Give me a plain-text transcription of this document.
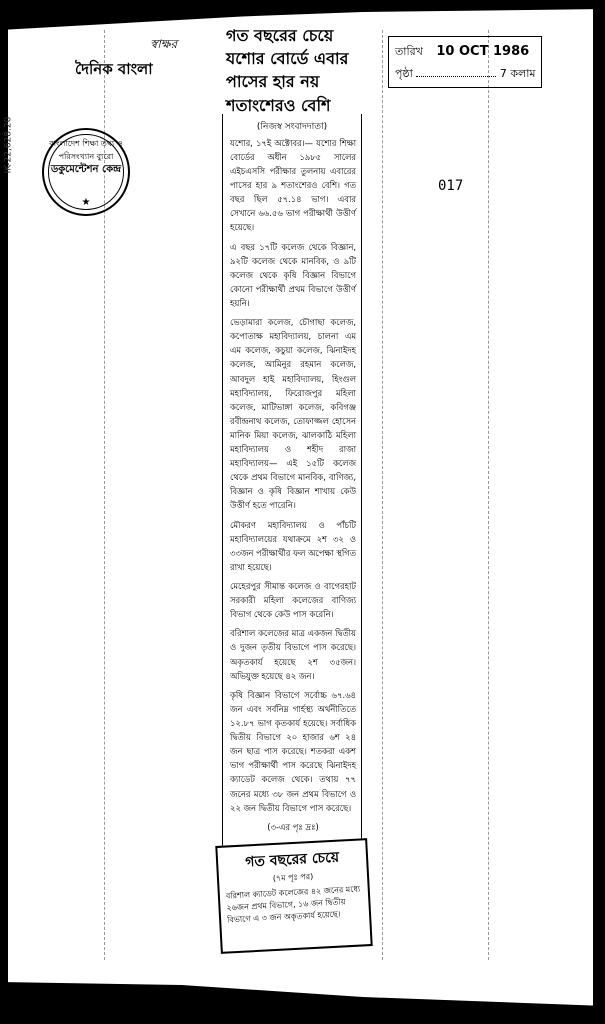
IK-22,628.20
দৈনিক বাংলা
স্বাক্ষর
বাংলাদেশ শিক্ষা তথ্য ও পরিসংখ্যান ব্যুরো
ডকুমেন্টেশন কেন্দ্র
★
তারিখ 10 OCT 1986
পৃষ্ঠা	7 কলাম
017
গত বছরের চেয়ে
যশোর বোর্ডে এবার
পাসের হার নয়
শতাংশেরও বেশি
(নিজস্ব সংবাদদাতা)

যশোর, ১৭ই অক্টোবর।— যশোর শিক্ষা বোর্ডের অধীন ১৯৮৫ সালের এইচএসসি পরীক্ষার তুলনায় এবারের পাসের হার ৯ শতাংশেরও বেশি। গত বছর ছিল ৫৭.১৪ ভাগ। এবার সেখানে ৬৬.৫৬ ভাগ পরীক্ষার্থী উত্তীর্ণ হয়েছে।

এ বছর ১৭টি কলেজ থেকে বিজ্ঞান, ৯২টি কলেজ থেকে মানবিক, ও ৯টি কলেজ থেকে কৃষি বিজ্ঞান বিভাগে কোনো পরীক্ষার্থী প্রথম বিভাগে উত্তীর্ণ হয়নি।

ভেড়ামারা কলেজ, চৌগাছা কলেজ, কপোতাক্ষ মহাবিদ্যালয়, চালনা এম এম কলেজ, কচুয়া কলেজ, ঝিনাইদহ কলেজ, আমিনুর রহমান কলেজ, আবদুল হাই মহাবিদ্যালয়, হিংগুল মহাবিদ্যালয়, ফিরোজপুর মহিলা কলেজ, মাটিভাঙ্গা কলেজ, কবিগঞ্জ রবীন্দ্রনাথ কলেজ, তোফাজ্জল হোসেন মানিক মিয়া কলেজ, ঝালকাঠি মহিলা মহাবিদ্যালয় ও শহীদ রাজা মহাবিদ্যালয়— এই ১৫টি কলেজ থেকে প্রথম বিভাগে মানবিক, বাণিজ্য, বিজ্ঞান ও কৃষি বিজ্ঞান শাখায় কেউ উত্তীর্ণ হতে পারেনি।

মৌকরণ মহাবিদ্যালয় ও পাঁচটি মহাবিদ্যালয়ের যথাক্রমে ২শ ৩২ ও ৩৩জন পরীক্ষার্থীর ফল অপেক্ষা স্থগিত রাখা হয়েছে।

মেহেরপুর সীমান্ত কলেজ ও বাগেরহাট সরকারী মহিলা কলেজের বাণিজ্য বিভাগ থেকে কেউ পাস করেনি।

বরিশাল কলেজের মাত্র একজন দ্বিতীয় ও দুজন তৃতীয় বিভাগে পাস করেছে। অকৃতকার্য হয়েছে ২শ ৩৫জন। অভিযুক্ত হয়েছে ৪২ জন।

কৃষি বিজ্ঞান বিভাগে সর্বোচ্চ ৬৭.৬৪ জন এবং সর্বনিম্ন গার্হস্থ্য অর্থনীতিতে ১২.৮৭ ভাগ কৃতকার্য হয়েছে। সর্বাধিক দ্বিতীয় বিভাগে ২০ হাজার ৬শ ২৪ জন ছাত্র পাস করেছে। শতকরা একশ ভাগ পরীক্ষার্থী পাস করেছে ঝিনাইদহ ক্যাডেট কলেজ থেকে। তথায় ৭৭ জনের মধ্যে ৩৮ জন প্রথম বিভাগে ও ২২ জন দ্বিতীয় বিভাগে পাস করেছে।

(৩-এর পৃঃ দ্রঃ)

গত বছরের চেয়ে
(৭ম পৃঃ পর)
বরিশাল ক্যাডেট কলেজের ৪২ জনের মধ্যে ২৬জন প্রথম বিভাগে, ১৬ জন দ্বিতীয় বিভাগে এ ৩ জন অকৃতকার্য হয়েছে।
